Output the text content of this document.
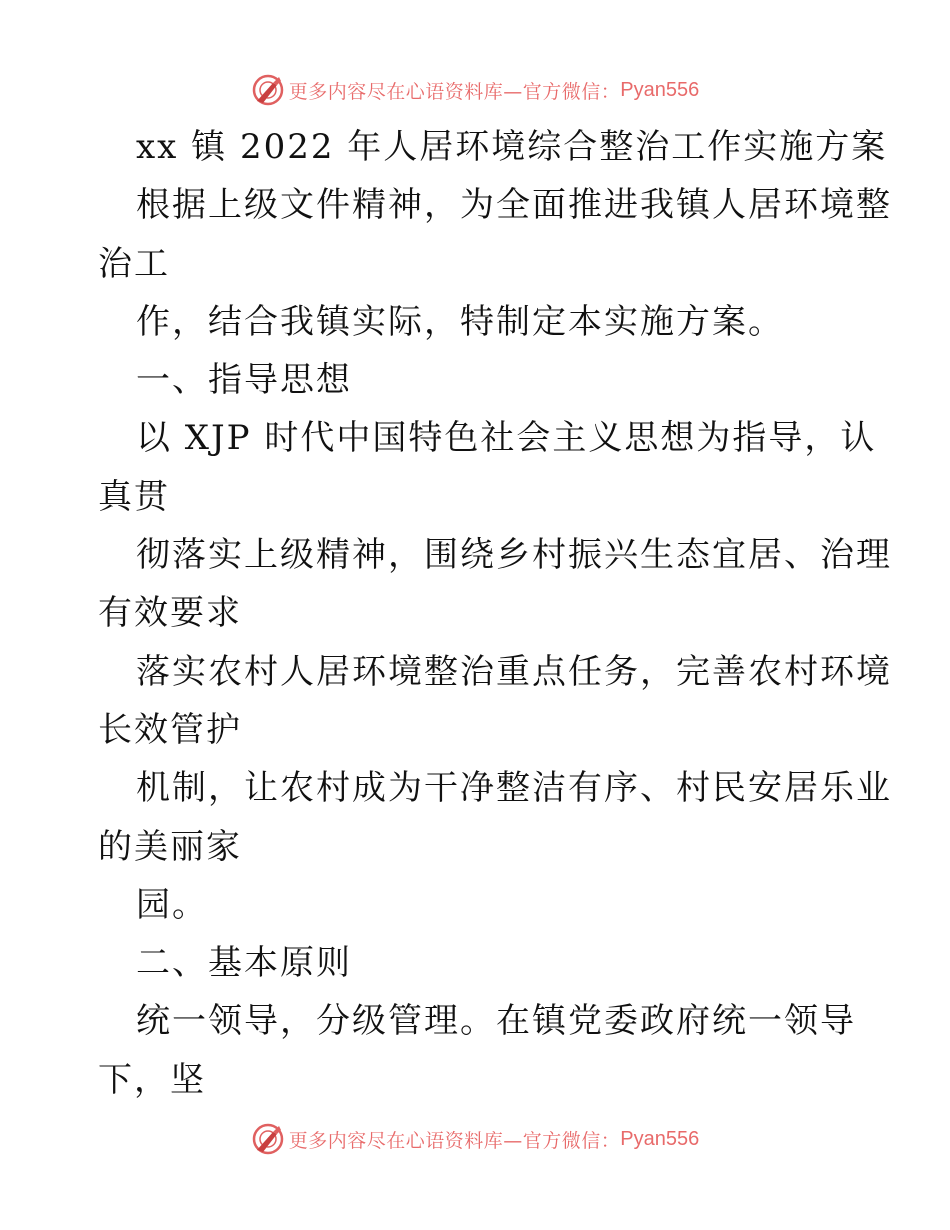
更多内容尽在心语资料库—官方微信： Pyan556
xx 镇 2022 年人居环境综合整治工作实施方案
根据上级文件精神，为全面推进我镇人居环境整
治工
作，结合我镇实际，特制定本实施方案。
一、指导思想
以 XJP 时代中国特色社会主义思想为指导，认
真贯
彻落实上级精神，围绕乡村振兴生态宜居、治理
有效要求
落实农村人居环境整治重点任务，完善农村环境
长效管护
机制，让农村成为干净整洁有序、村民安居乐业
的美丽家
园。
二、基本原则
统一领导，分级管理。在镇党委政府统一领导
下，坚
更多内容尽在心语资料库—官方微信： Pyan556
